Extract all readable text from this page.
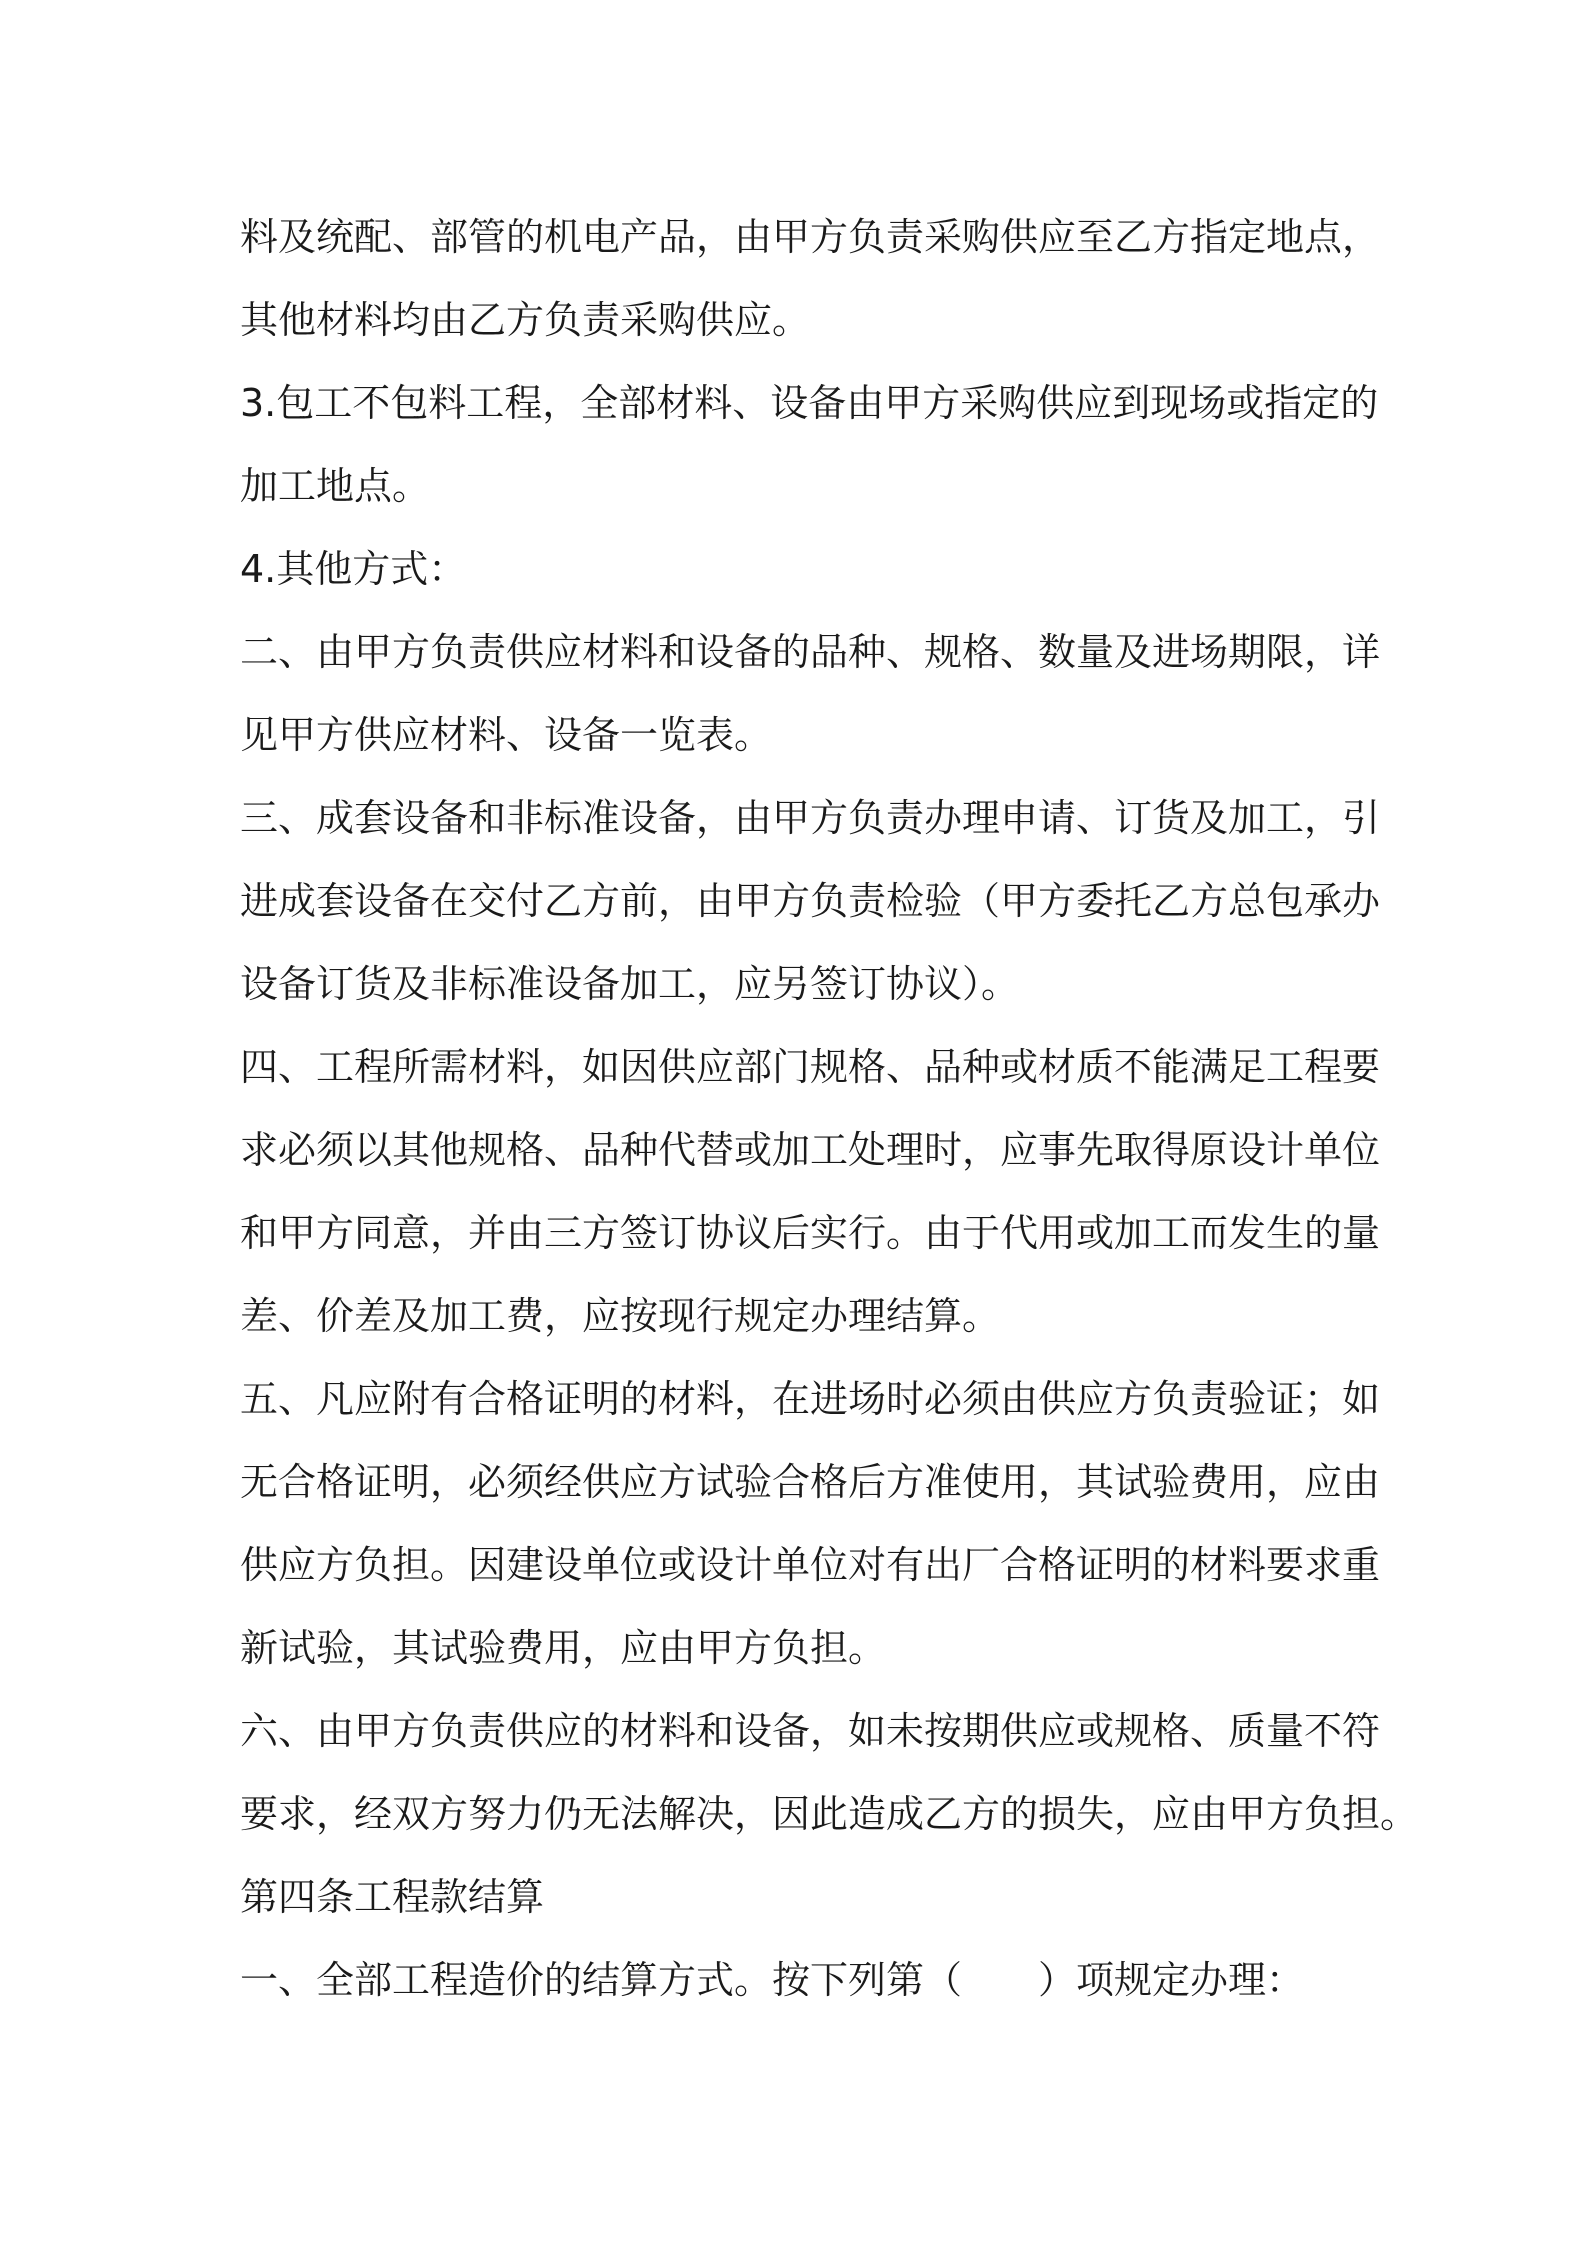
料及统配、部管的机电产品，由甲方负责采购供应至乙方指定地点，
其他材料均由乙方负责采购供应。
3.包工不包料工程，全部材料、设备由甲方采购供应到现场或指定的
加工地点。
4.其他方式：
二、由甲方负责供应材料和设备的品种、规格、数量及进场期限，详
见甲方供应材料、设备一览表。
三、成套设备和非标准设备，由甲方负责办理申请、订货及加工，引
进成套设备在交付乙方前，由甲方负责检验（甲方委托乙方总包承办
设备订货及非标准设备加工，应另签订协议）。
四、工程所需材料，如因供应部门规格、品种或材质不能满足工程要
求必须以其他规格、品种代替或加工处理时，应事先取得原设计单位
和甲方同意，并由三方签订协议后实行。由于代用或加工而发生的量
差、价差及加工费，应按现行规定办理结算。
五、凡应附有合格证明的材料，在进场时必须由供应方负责验证；如
无合格证明，必须经供应方试验合格后方准使用，其试验费用，应由
供应方负担。因建设单位或设计单位对有出厂合格证明的材料要求重
新试验，其试验费用，应由甲方负担。
六、由甲方负责供应的材料和设备，如未按期供应或规格、质量不符
要求，经双方努力仍无法解决，因此造成乙方的损失，应由甲方负担。
第四条工程款结算
一、全部工程造价的结算方式。按下列第（　　）项规定办理：
